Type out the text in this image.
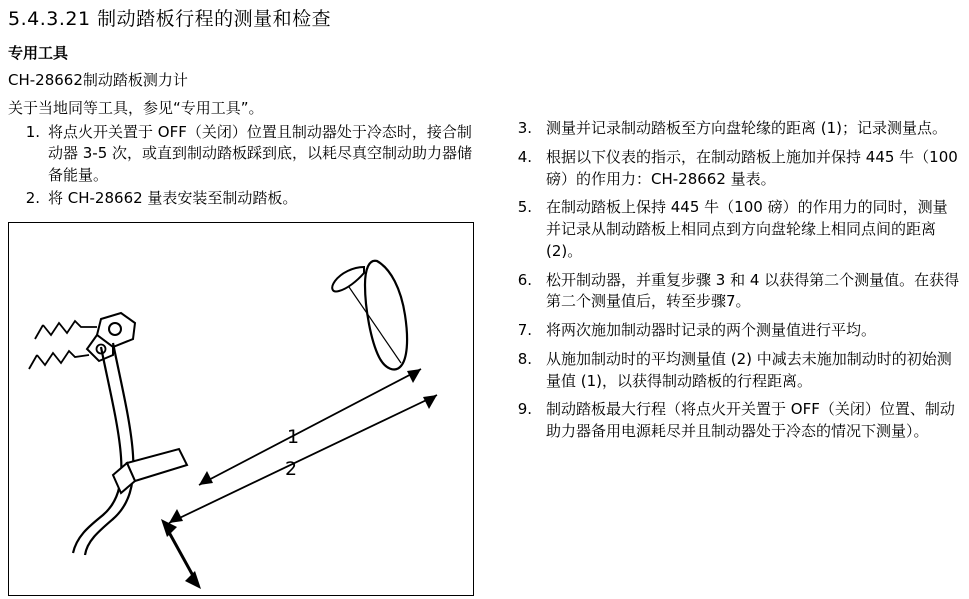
5.4.3.21 制动踏板行程的测量和检查
专用工具
CH-28662制动踏板测力计
关于当地同等工具，参见“专用工具”。
1. 将点火开关置于 OFF（关闭）位置且制动器处于冷态时，接合制动器 3-5 次，或直到制动踏板踩到底，以耗尽真空制动助力器储备能量。
2. 将 CH-28662 量表安装至制动踏板。
1
2
3. 测量并记录制动踏板至方向盘轮缘的距离 (1)；记录测量点。
4. 根据以下仪表的指示，在制动踏板上施加并保持 445 牛（100 磅）的作用力：CH-28662 量表。
5. 在制动踏板上保持 445 牛（100 磅）的作用力的同时，测量并记录从制动踏板上相同点到方向盘轮缘上相同点间的距离 (2)。
6. 松开制动器，并重复步骤 3 和 4 以获得第二个测量值。在获得第二个测量值后，转至步骤7。
7. 将两次施加制动器时记录的两个测量值进行平均。
8. 从施加制动时的平均测量值 (2) 中减去未施加制动时的初始测量值 (1)，以获得制动踏板的行程距离。
9. 制动踏板最大行程（将点火开关置于 OFF（关闭）位置、制动助力器备用电源耗尽并且制动器处于冷态的情况下测量）。
